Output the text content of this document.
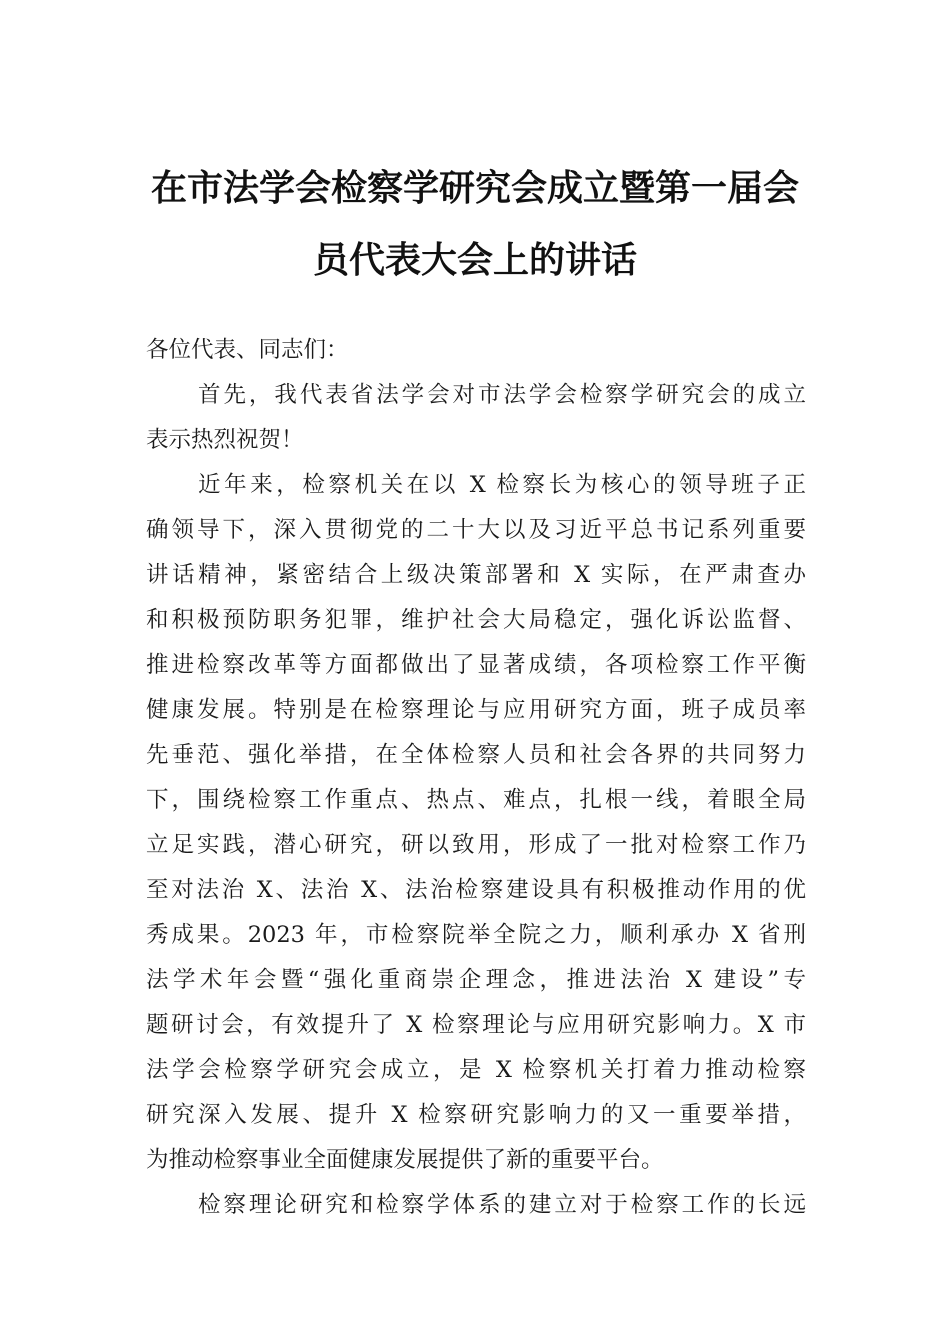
在市法学会检察学研究会成立暨第一届会
员代表大会上的讲话
各位代表、同志们：
首先，我代表省法学会对市法学会检察学研究会的成立
表示热烈祝贺！
近年来，检察机关在以 X 检察长为核心的领导班子正
确领导下，深入贯彻党的二十大以及习近平总书记系列重要
讲话精神，紧密结合上级决策部署和 X 实际，在严肃查办
和积极预防职务犯罪，维护社会大局稳定，强化诉讼监督、
推进检察改革等方面都做出了显著成绩，各项检察工作平衡
健康发展。特别是在检察理论与应用研究方面，班子成员率
先垂范、强化举措，在全体检察人员和社会各界的共同努力
下，围绕检察工作重点、热点、难点，扎根一线，着眼全局
立足实践，潜心研究，研以致用，形成了一批对检察工作乃
至对法治 X、法治 X、法治检察建设具有积极推动作用的优
秀成果。2023 年，市检察院举全院之力，顺利承办 X 省刑
法学术年会暨“强化重商崇企理念，推进法治 X 建设”专
题研讨会，有效提升了 X 检察理论与应用研究影响力。X 市
法学会检察学研究会成立，是 X 检察机关打着力推动检察
研究深入发展、提升 X 检察研究影响力的又一重要举措，
为推动检察事业全面健康发展提供了新的重要平台。
检察理论研究和检察学体系的建立对于检察工作的长远
